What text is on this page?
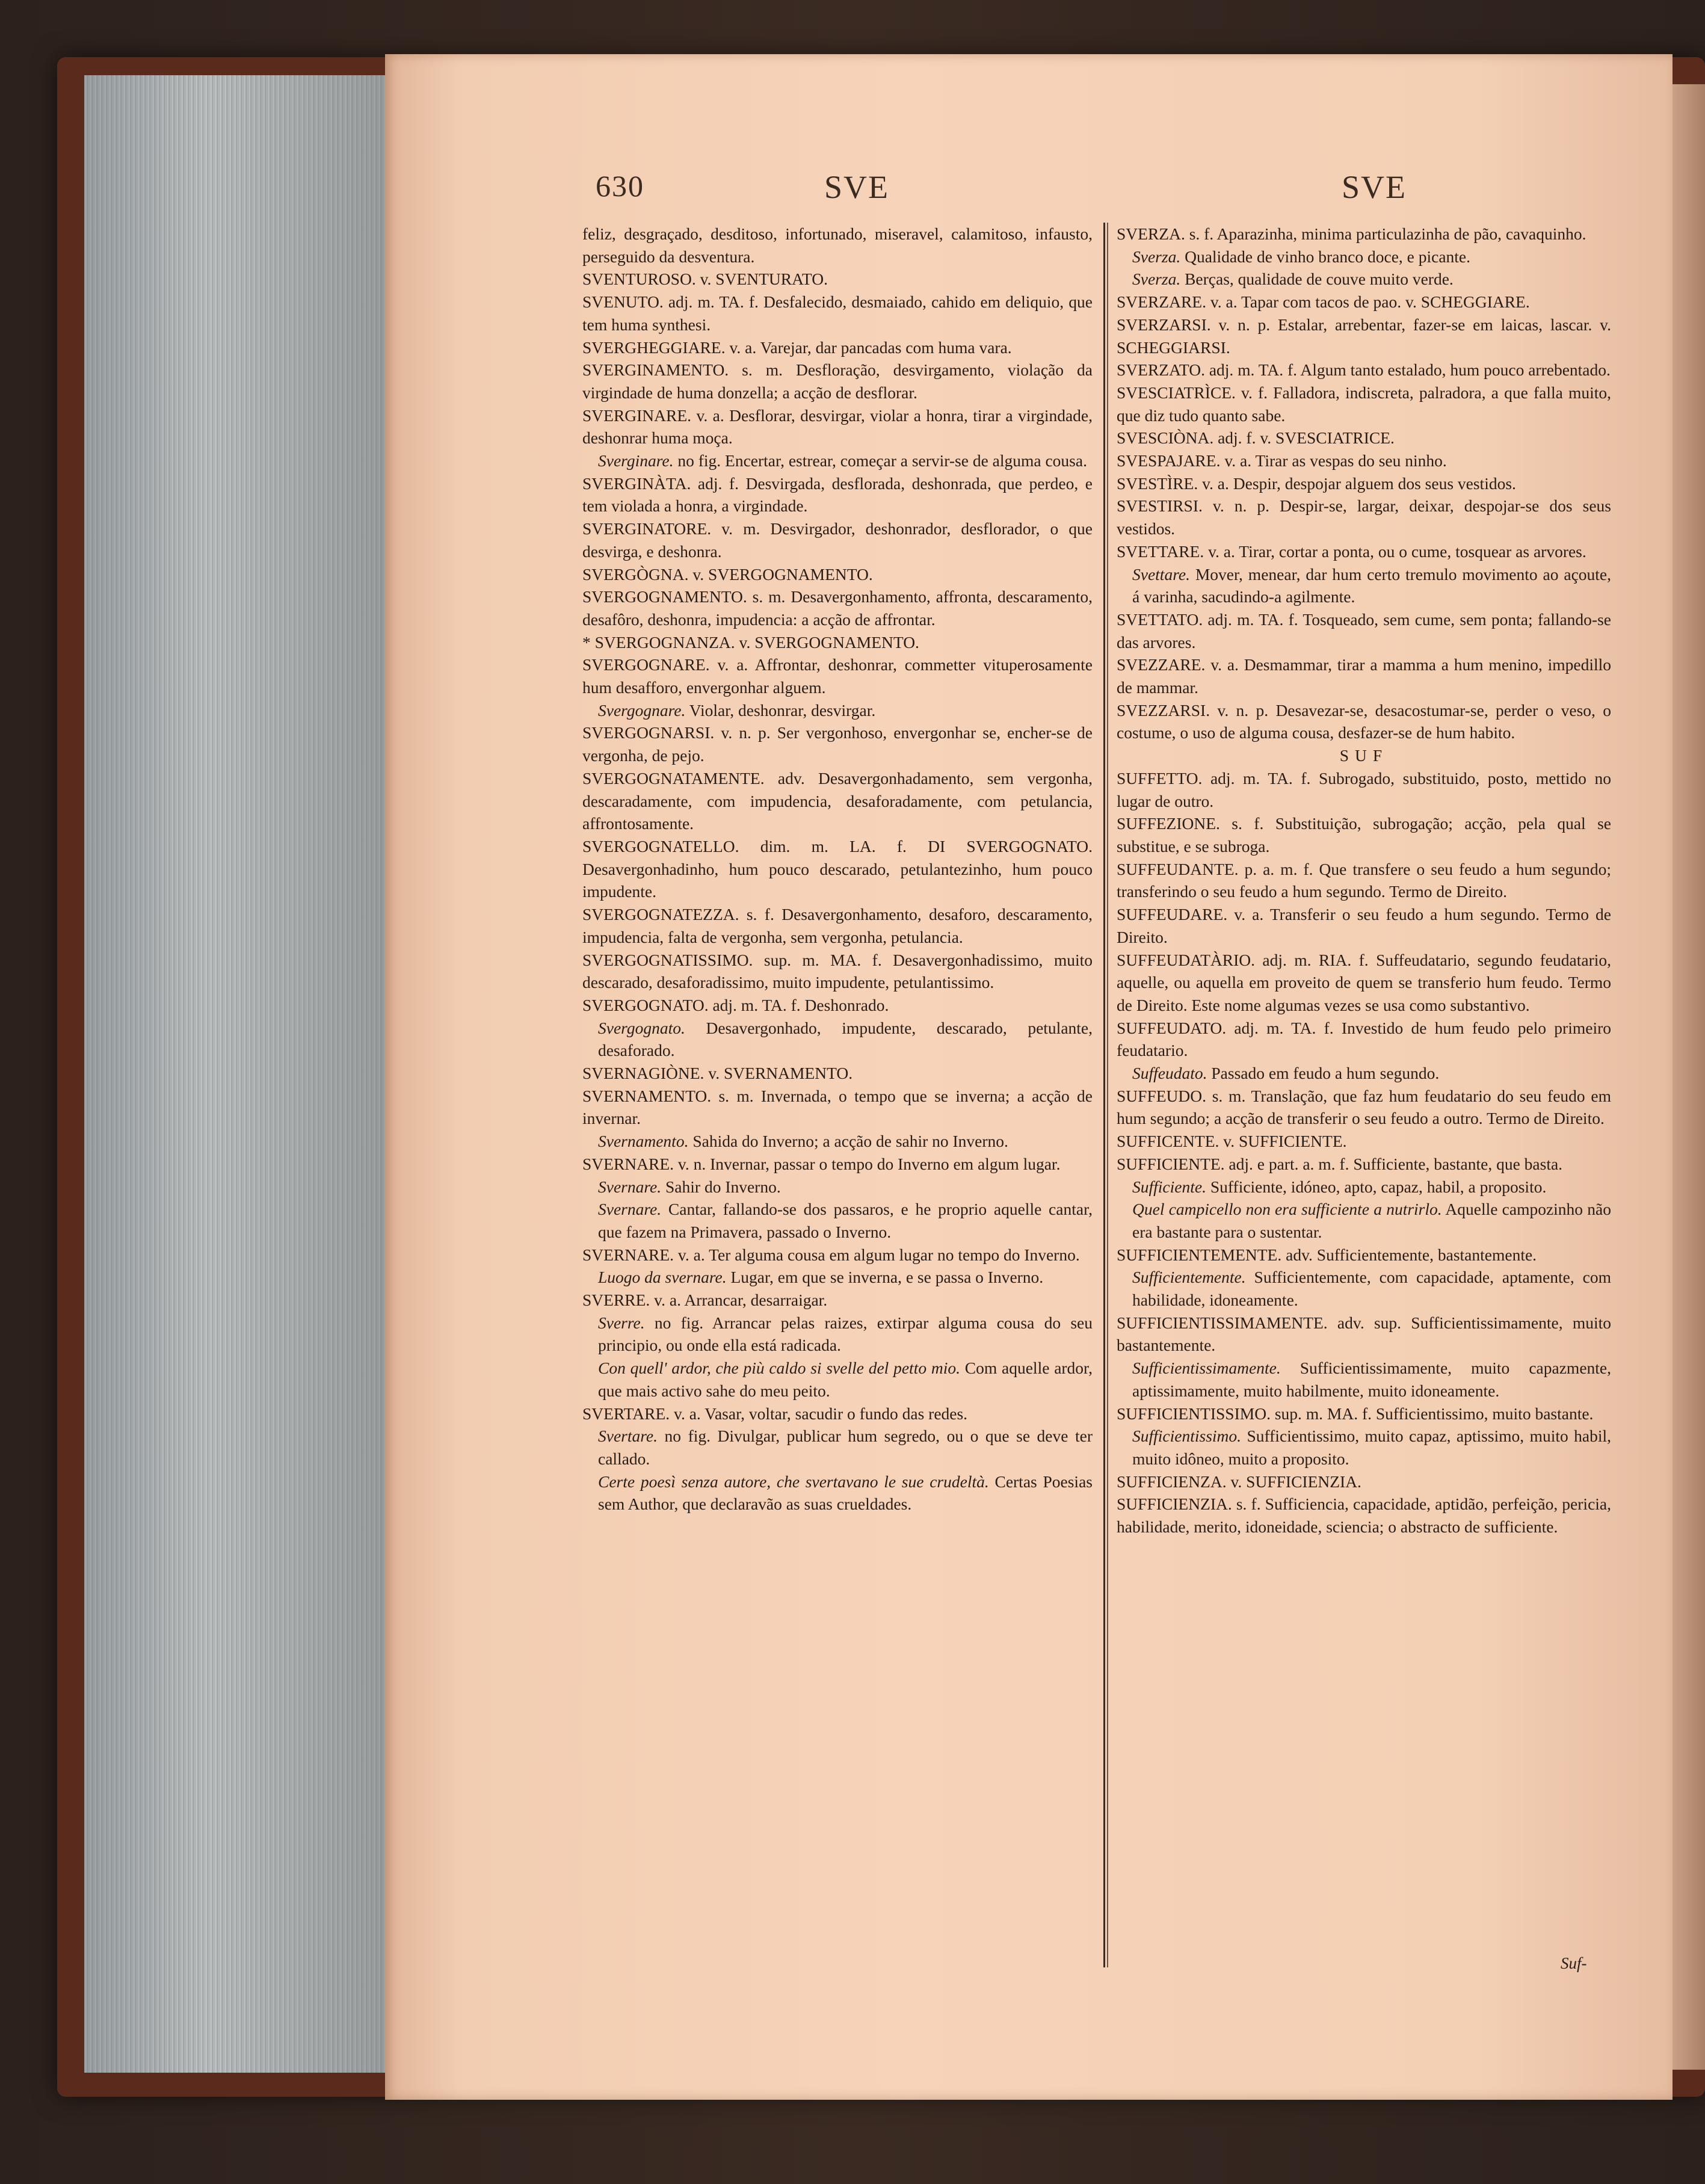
630	SVE	SVE

feliz, desgraçado, desditoso, infortunado, miseravel, calamitoso, infausto, perseguido da desventura.

SVENTUROSO. v. SVENTURATO.

SVENUTO. adj. m. TA. f. Desfalecido, desmaiado, cahido em deliquio, que tem huma synthesi.

SVERGHEGGIARE. v. a. Varejar, dar pancadas com huma vara.

SVERGINAMENTO. s. m. Desfloração, desvirgamento, violação da virgindade de huma donzella; a acção de desflorar.

SVERGINARE. v. a. Desflorar, desvirgar, violar a honra, tirar a virgindade, deshonrar huma moça.

Sverginare. no fig. Encertar, estrear, começar a servir-se de alguma cousa.

SVERGINÀTA. adj. f. Desvirgada, desflorada, deshonrada, que perdeo, e tem violada a honra, a virgindade.

SVERGINATORE. v. m. Desvirgador, deshonrador, desflorador, o que desvirga, e deshonra.

SVERGÒGNA. v. SVERGOGNAMENTO.

SVERGOGNAMENTO. s. m. Desavergonhamento, affronta, descaramento, desafôro, deshonra, impudencia: a acção de affrontar.

* SVERGOGNANZA. v. SVERGOGNAMENTO.

SVERGOGNARE. v. a. Affrontar, deshonrar, commetter vituperosamente hum desafforo, envergonhar alguem.

Svergognare. Violar, deshonrar, desvirgar.

SVERGOGNARSI. v. n. p. Ser vergonhoso, envergonhar se, encher-se de vergonha, de pejo.

SVERGOGNATAMENTE. adv. Desavergonhadamento, sem vergonha, descaradamente, com impudencia, desaforadamente, com petulancia, affrontosamente.

SVERGOGNATELLO. dim. m. LA. f. DI SVERGOGNATO. Desavergonhadinho, hum pouco descarado, petulantezinho, hum pouco impudente.

SVERGOGNATEZZA. s. f. Desavergonhamento, desaforo, descaramento, impudencia, falta de vergonha, sem vergonha, petulancia.

SVERGOGNATISSIMO. sup. m. MA. f. Desavergonhadissimo, muito descarado, desaforadissimo, muito impudente, petulantissimo.

SVERGOGNATO. adj. m. TA. f. Deshonrado.

Svergognato. Desavergonhado, impudente, descarado, petulante, desaforado.

SVERNAGIÒNE. v. SVERNAMENTO.

SVERNAMENTO. s. m. Invernada, o tempo que se inverna; a acção de invernar.

Svernamento. Sahida do Inverno; a acção de sahir no Inverno.

SVERNARE. v. n. Invernar, passar o tempo do Inverno em algum lugar.

Svernare. Sahir do Inverno.

Svernare. Cantar, fallando-se dos passaros, e he proprio aquelle cantar, que fazem na Primavera, passado o Inverno.

SVERNARE. v. a. Ter alguma cousa em algum lugar no tempo do Inverno.

Luogo da svernare. Lugar, em que se inverna, e se passa o Inverno.

SVERRE. v. a. Arrancar, desarraigar.

Sverre. no fig. Arrancar pelas raizes, extirpar alguma cousa do seu principio, ou onde ella está radicada.

Con quell' ardor, che più caldo si svelle del petto mio. Com aquelle ardor, que mais activo sahe do meu peito.

SVERTARE. v. a. Vasar, voltar, sacudir o fundo das redes.

Svertare. no fig. Divulgar, publicar hum segredo, ou o que se deve ter callado.

Certe poesì senza autore, che svertavano le sue crudeltà. Certas Poesias sem Author, que declaravão as suas crueldades.

SVERZA. s. f. Aparazinha, minima particulazinha de pão, cavaquinho.

Sverza. Qualidade de vinho branco doce, e picante.

Sverza. Berças, qualidade de couve muito verde.

SVERZARE. v. a. Tapar com tacos de pao. v. SCHEGGIARE.

SVERZARSI. v. n. p. Estalar, arrebentar, fazer-se em laicas, lascar. v. SCHEGGIARSI.

SVERZATO. adj. m. TA. f. Algum tanto estalado, hum pouco arrebentado.

SVESCIATRÌCE. v. f. Falladora, indiscreta, palradora, a que falla muito, que diz tudo quanto sabe.

SVESCIÒNA. adj. f. v. SVESCIATRICE.

SVESPAJARE. v. a. Tirar as vespas do seu ninho.

SVESTÌRE. v. a. Despir, despojar alguem dos seus vestidos.

SVESTIRSI. v. n. p. Despir-se, largar, deixar, despojar-se dos seus vestidos.

SVETTARE. v. a. Tirar, cortar a ponta, ou o cume, tosquear as arvores.

Svettare. Mover, menear, dar hum certo tremulo movimento ao açoute, á varinha, sacudindo-a agilmente.

SVETTATO. adj. m. TA. f. Tosqueado, sem cume, sem ponta; fallando-se das arvores.

SVEZZARE. v. a. Desmammar, tirar a mamma a hum menino, impedillo de mammar.

SVEZZARSI. v. n. p. Desavezar-se, desacostumar-se, perder o veso, o costume, o uso de alguma cousa, desfazer-se de hum habito.

SUF

SUFFETTO. adj. m. TA. f. Subrogado, substituido, posto, mettido no lugar de outro.

SUFFEZIONE. s. f. Substituição, subrogação; acção, pela qual se substitue, e se subroga.

SUFFEUDANTE. p. a. m. f. Que transfere o seu feudo a hum segundo; transferindo o seu feudo a hum segundo. Termo de Direito.

SUFFEUDARE. v. a. Transferir o seu feudo a hum segundo. Termo de Direito.

SUFFEUDATÀRIO. adj. m. RIA. f. Suffeudatario, segundo feudatario, aquelle, ou aquella em proveito de quem se transferio hum feudo. Termo de Direito. Este nome algumas vezes se usa como substantivo.

SUFFEUDATO. adj. m. TA. f. Investido de hum feudo pelo primeiro feudatario.

Suffeudato. Passado em feudo a hum segundo.

SUFFEUDO. s. m. Translação, que faz hum feudatario do seu feudo em hum segundo; a acção de transferir o seu feudo a outro. Termo de Direito.

SUFFICENTE. v. SUFFICIENTE.

SUFFICIENTE. adj. e part. a. m. f. Sufficiente, bastante, que basta.

Sufficiente. Sufficiente, idóneo, apto, capaz, habil, a proposito.

Quel campicello non era sufficiente a nutrirlo. Aquelle campozinho não era bastante para o sustentar.

SUFFICIENTEMENTE. adv. Sufficientemente, bastantemente.

Sufficientemente. Sufficientemente, com capacidade, aptamente, com habilidade, idoneamente.

SUFFICIENTISSIMAMENTE. adv. sup. Sufficientissimamente, muito bastantemente.

Sufficientissimamente. Sufficientissimamente, muito capazmente, aptissimamente, muito habilmente, muito idoneamente.

SUFFICIENTISSIMO. sup. m. MA. f. Sufficientissimo, muito bastante.

Sufficientissimo. Sufficientissimo, muito capaz, aptissimo, muito habil, muito idôneo, muito a proposito.

SUFFICIENZA. v. SUFFICIENZIA.

SUFFICIENZIA. s. f. Sufficiencia, capacidade, aptidão, perfeição, pericia, habilidade, merito, idoneidade, sciencia; o abstracto de sufficiente.

Suf-
